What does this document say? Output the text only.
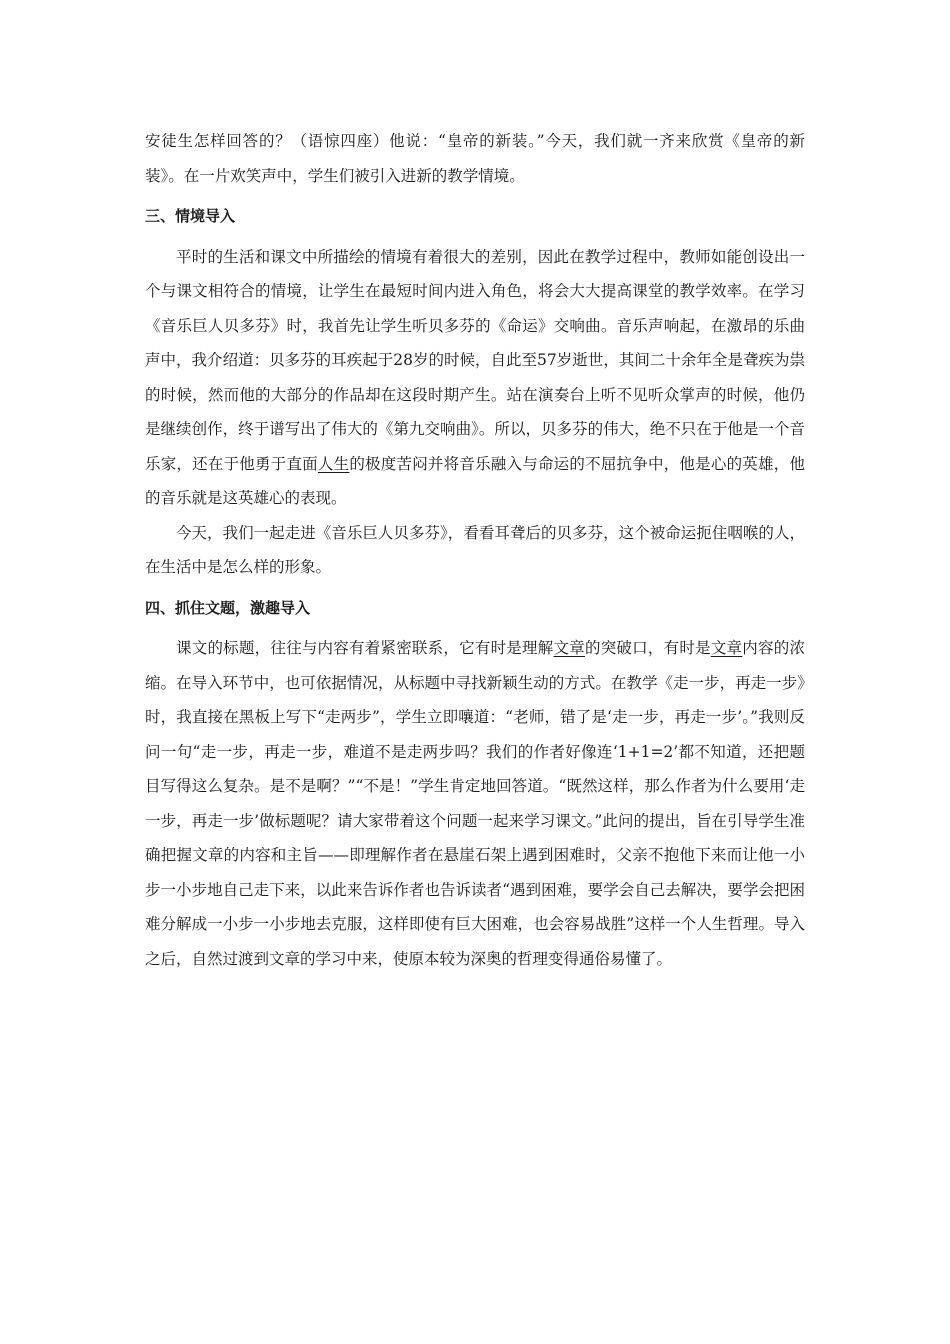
安徒生怎样回答的？（语惊四座）他说：“皇帝的新装。”今天，我们就一齐来欣赏《皇帝的新装》。在一片欢笑声中，学生们被引入进新的教学情境。

三、情境导入

平时的生活和课文中所描绘的情境有着很大的差别，因此在教学过程中，教师如能创设出一个与课文相符合的情境，让学生在最短时间内进入角色，将会大大提高课堂的教学效率。在学习《音乐巨人贝多芬》时，我首先让学生听贝多芬的《命运》交响曲。音乐声响起，在激昂的乐曲声中，我介绍道：贝多芬的耳疾起于28岁的时候，自此至57岁逝世，其间二十余年全是聋疾为祟的时候，然而他的大部分的作品却在这段时期产生。站在演奏台上听不见听众掌声的时候，他仍是继续创作，终于谱写出了伟大的《第九交响曲》。所以，贝多芬的伟大，绝不只在于他是一个音乐家，还在于他勇于直面人生的极度苦闷并将音乐融入与命运的不屈抗争中，他是心的英雄，他的音乐就是这英雄心的表现。

今天，我们一起走进《音乐巨人贝多芬》，看看耳聋后的贝多芬，这个被命运扼住咽喉的人，在生活中是怎么样的形象。

四、抓住文题，激趣导入

课文的标题，往往与内容有着紧密联系，它有时是理解文章的突破口，有时是文章内容的浓缩。在导入环节中，也可依据情况，从标题中寻找新颖生动的方式。在教学《走一步，再走一步》时，我直接在黑板上写下“走两步”，学生立即嚷道：“老师，错了是‘走一步，再走一步’。”我则反问一句“走一步，再走一步，难道不是走两步吗？我们的作者好像连‘1+1=2’都不知道，还把题目写得这么复杂。是不是啊？”“不是！”学生肯定地回答道。“既然这样，那么作者为什么要用‘走一步，再走一步’做标题呢？请大家带着这个问题一起来学习课文。”此问的提出，旨在引导学生准确把握文章的内容和主旨——即理解作者在悬崖石架上遇到困难时，父亲不抱他下来而让他一小步一小步地自己走下来，以此来告诉作者也告诉读者“遇到困难，要学会自己去解决，要学会把困难分解成一小步一小步地去克服，这样即使有巨大困难，也会容易战胜”这样一个人生哲理。导入之后，自然过渡到文章的学习中来，使原本较为深奥的哲理变得通俗易懂了。
